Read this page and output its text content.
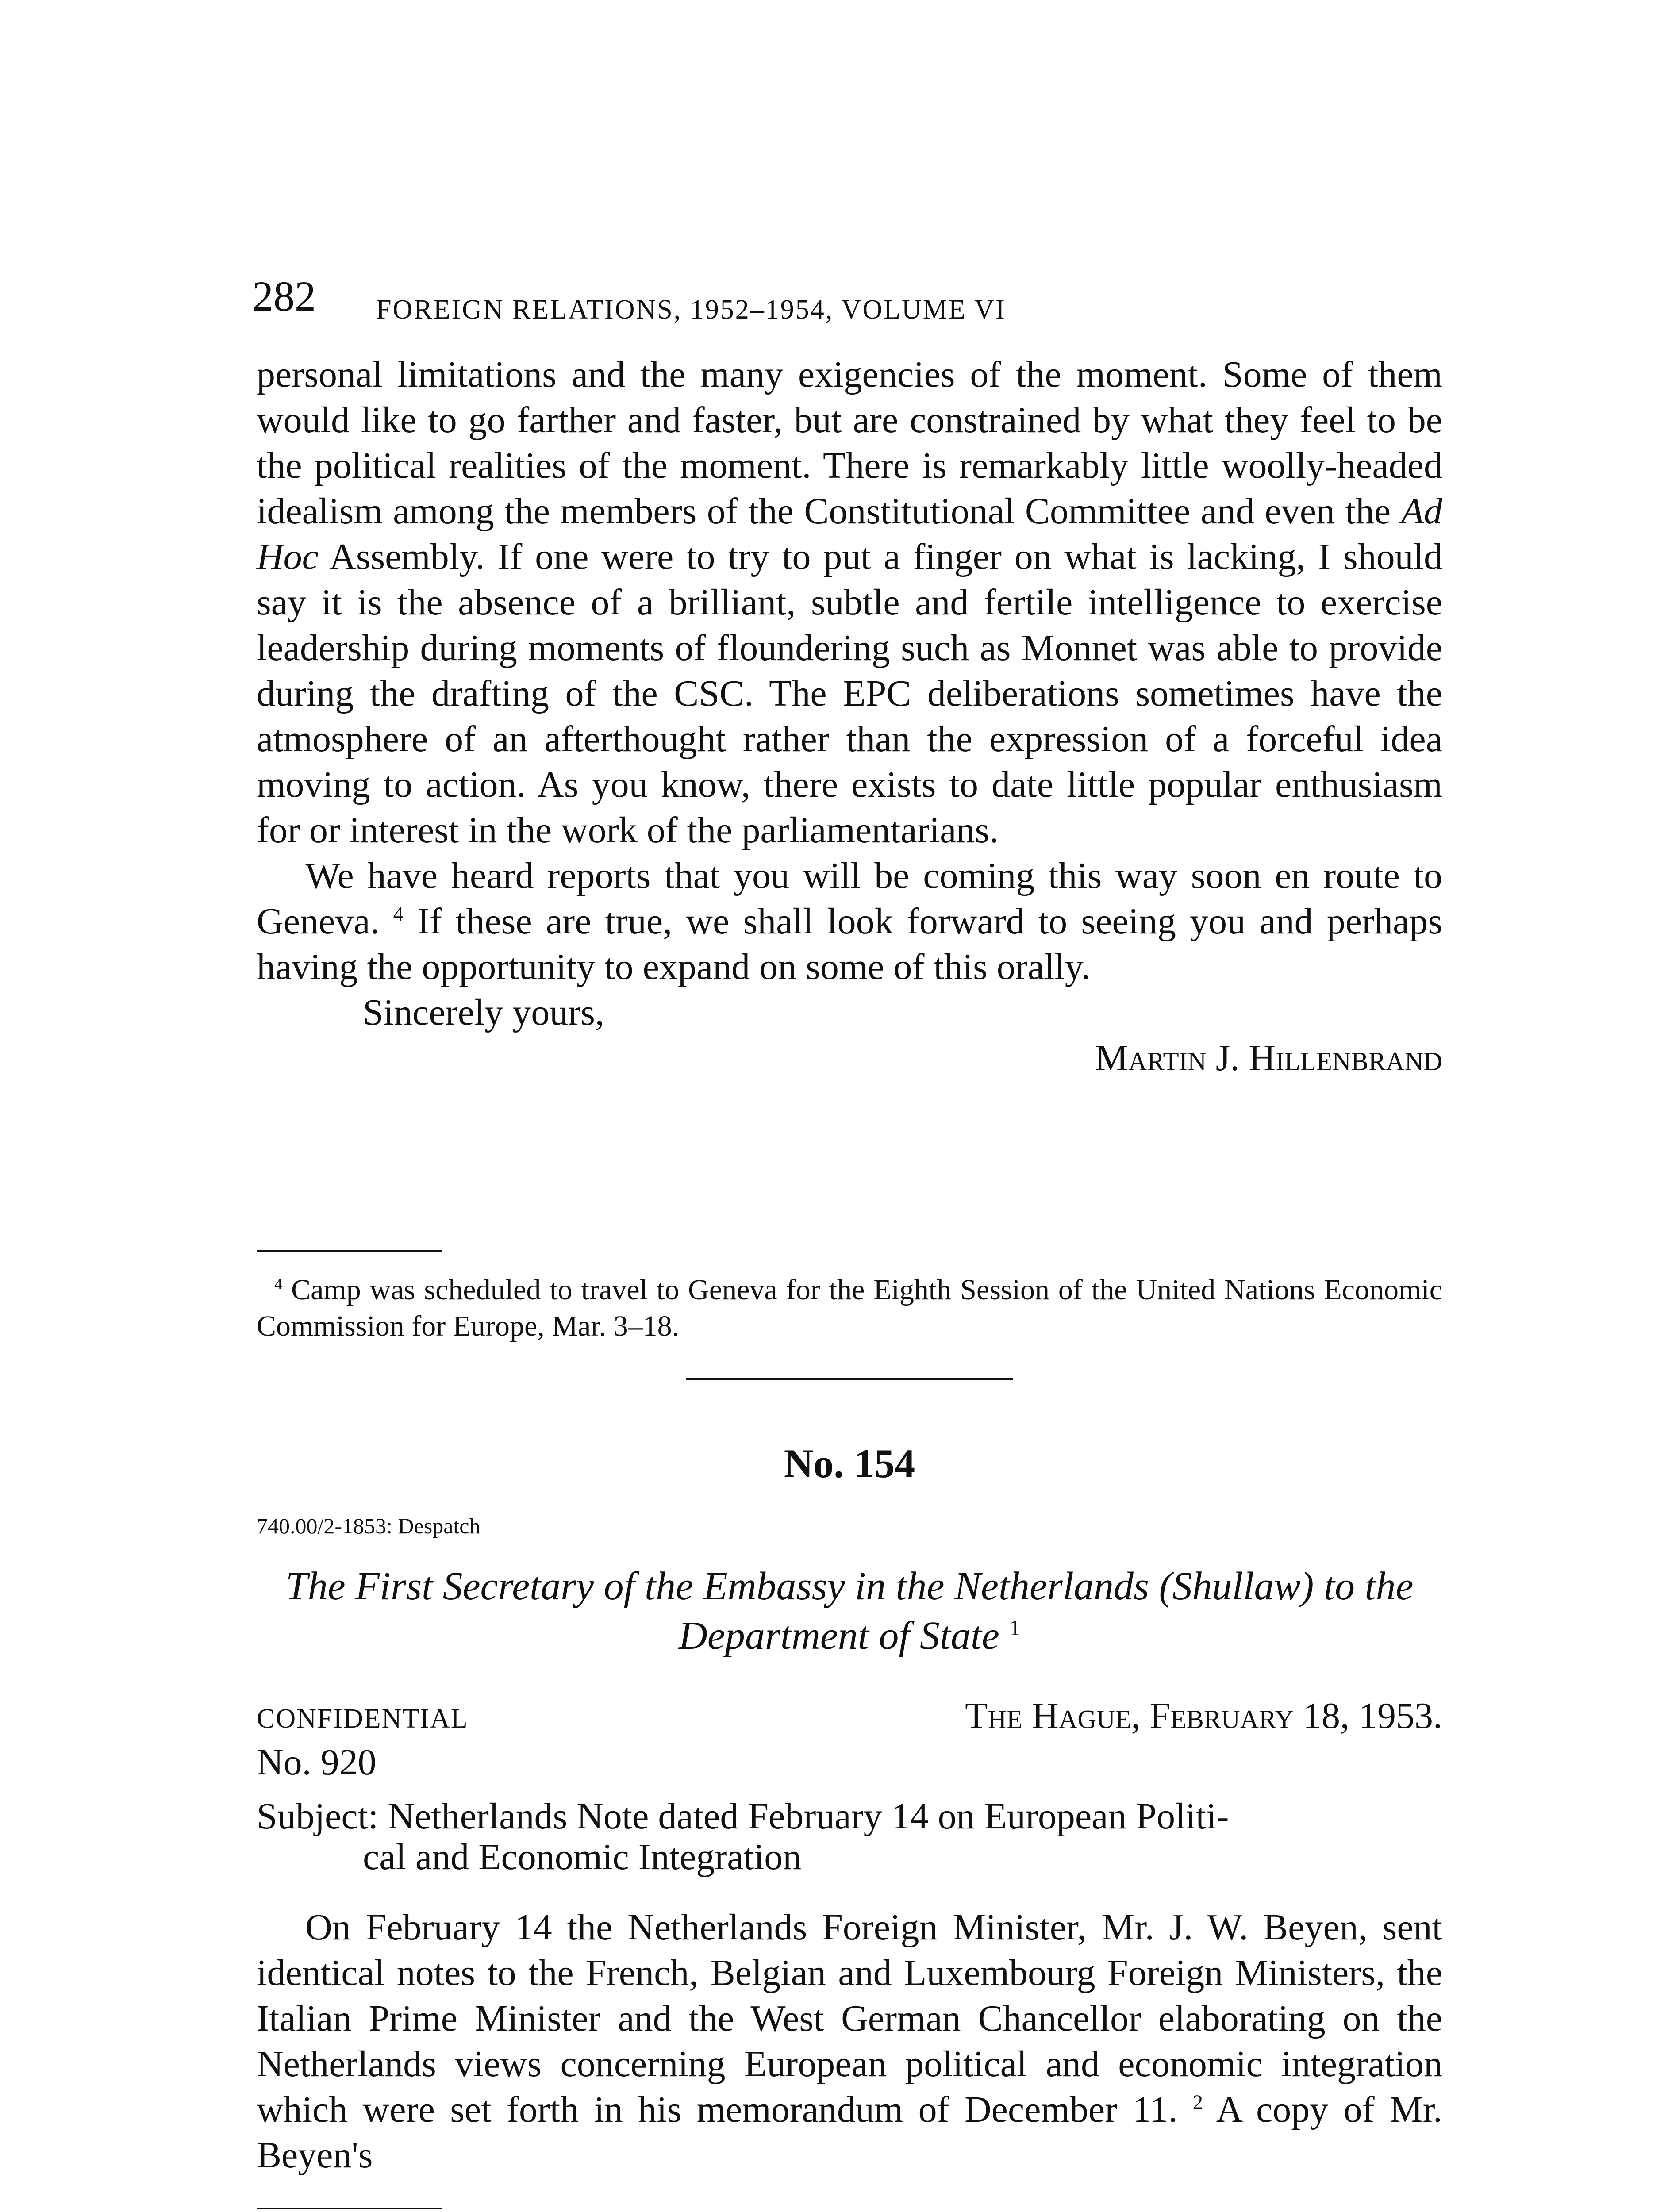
282 FOREIGN RELATIONS, 1952–1954, VOLUME VI

personal limitations and the many exigencies of the moment. Some of them would like to go farther and faster, but are constrained by what they feel to be the political realities of the moment. There is remarkably little woolly-headed idealism among the members of the Constitutional Committee and even the Ad Hoc Assembly. If one were to try to put a finger on what is lacking, I should say it is the absence of a brilliant, subtle and fertile intelligence to exercise leadership during moments of floundering such as Monnet was able to provide during the drafting of the CSC. The EPC deliberations sometimes have the atmosphere of an afterthought rather than the expression of a forceful idea moving to action. As you know, there exists to date little popular enthusiasm for or interest in the work of the parliamentarians.

We have heard reports that you will be coming this way soon en route to Geneva. $^4$ If these are true, we shall look forward to seeing you and perhaps having the opportunity to expand on some of this orally.

Sincerely yours,

Martin J. Hillenbrand

$^4$ Camp was scheduled to travel to Geneva for the Eighth Session of the United Nations Economic Commission for Europe, Mar. 3–18.

No. 154
740.00/2-1853: Despatch
The First Secretary of the Embassy in the Netherlands (Shullaw) to the Department of State $^1$
CONFIDENTIAL	The Hague, February 18, 1953.
No. 920
Subject: Netherlands Note dated February 14 on European Politi-
cal and Economic Integration

On February 14 the Netherlands Foreign Minister, Mr. J. W. Beyen, sent identical notes to the French, Belgian and Luxembourg Foreign Ministers, the Italian Prime Minister and the West German Chancellor elaborating on the Netherlands views concerning European political and economic integration which were set forth in his memorandum of December 11. $^2$ A copy of Mr. Beyen's
